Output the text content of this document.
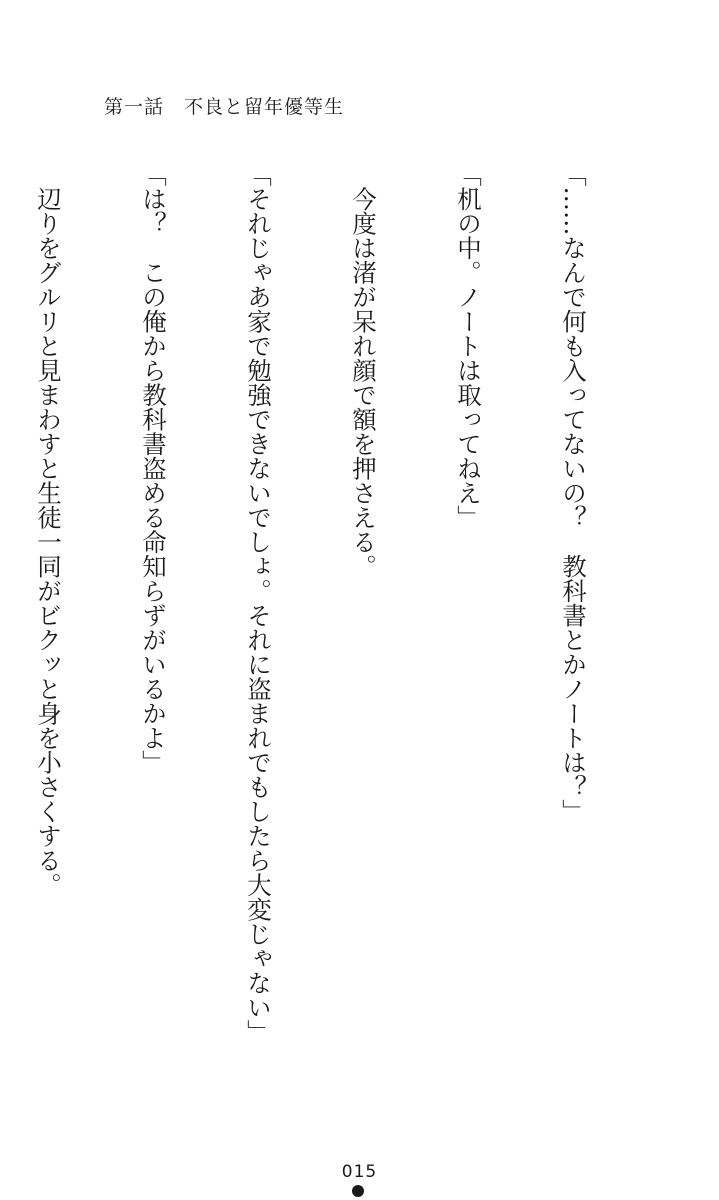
第一話　不良と留年優等生

「……なんで何も入ってないの？　教科書とかノートは？」

「机の中。ノートは取ってねえ」

　今度は渚が呆れ顔で額を押さえる。

「それじゃあ家で勉強できないでしょ。それに盗まれでもしたら大変じゃない」

「は？　この俺から教科書盗める命知らずがいるかよ」

　辺りをグルリと見まわすと生徒一同がビクッと身を小さくする。

015
